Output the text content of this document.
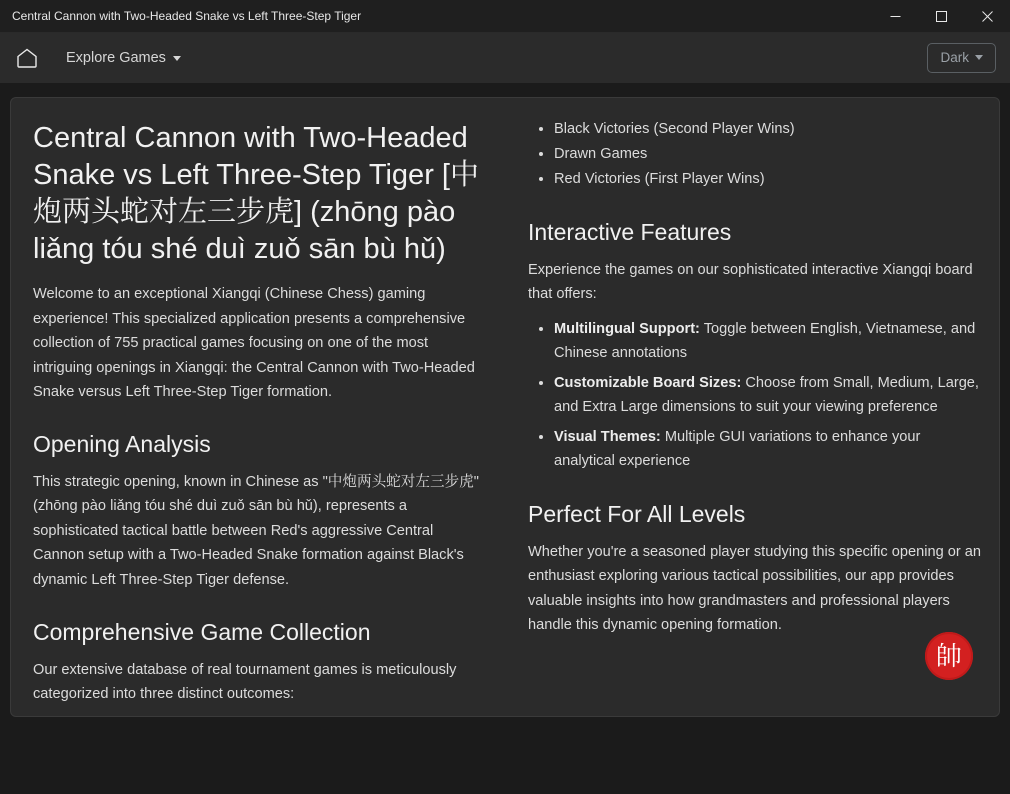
Central Cannon with Two-Headed Snake vs Left Three-Step Tiger
Explore Games	Dark
Central Cannon with Two-Headed Snake vs Left Three-Step Tiger [中炮两头蛇对左三步虎] (zhōng pào liǎng tóu shé duì zuǒ sān bù hǔ)

Welcome to an exceptional Xiangqi (Chinese Chess) gaming experience! This specialized application presents a comprehensive collection of 755 practical games focusing on one of the most intriguing openings in Xiangqi: the Central Cannon with Two-Headed Snake versus Left Three-Step Tiger formation.

Opening Analysis

This strategic opening, known in Chinese as "中炮两头蛇对左三步虎" (zhōng pào liǎng tóu shé duì zuǒ sān bù hǔ), represents a sophisticated tactical battle between Red's aggressive Central Cannon setup with a Two-Headed Snake formation against Black's dynamic Left Three-Step Tiger defense.

Comprehensive Game Collection

Our extensive database of real tournament games is meticulously categorized into three distinct outcomes:

• Black Victories (Second Player Wins)
• Drawn Games
• Red Victories (First Player Wins)
Interactive Features

Experience the games on our sophisticated interactive Xiangqi board that offers:

• Multilingual Support: Toggle between English, Vietnamese, and Chinese annotations
• Customizable Board Sizes: Choose from Small, Medium, Large, and Extra Large dimensions to suit your viewing preference
• Visual Themes: Multiple GUI variations to enhance your analytical experience
Perfect For All Levels

Whether you're a seasoned player studying this specific opening or an enthusiast exploring various tactical possibilities, our app provides valuable insights into how grandmasters and professional players handle this dynamic opening formation.

帥
